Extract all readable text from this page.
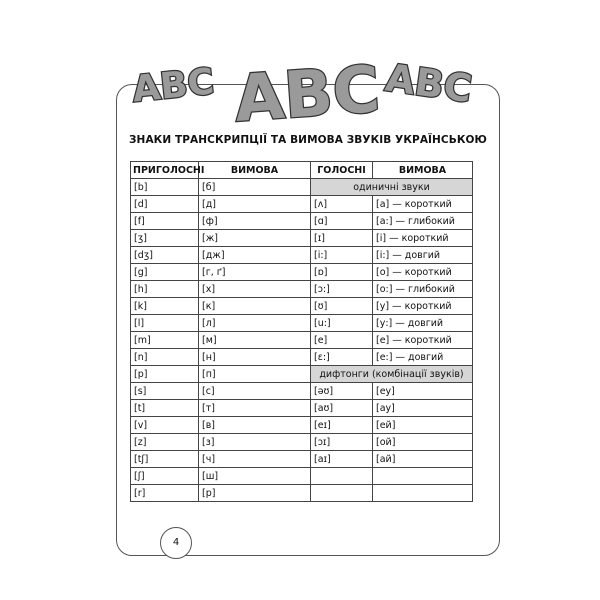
ABC ABC ABC
ЗНАКИ ТРАНСКРИПЦІЇ ТА ВИМОВА ЗВУКІВ УКРАЇНСЬКОЮ
ПРИГОЛОСНІ	ВИМОВА	ГОЛОСНІ	ВИМОВА
[b]	[б]	одиничні звуки	
[d]	[д]	[ʌ]	[а] — короткий
[f]	[ф]	[ɑ]	[а:] — глибокий
[ʒ]	[ж]	[ɪ]	[і] — короткий
[dʒ]	[дж]	[i:]	[і:] — довгий
[g]	[г, ґ]	[ɒ]	[о] — короткий
[h]	[х]	[ɔ:]	[о:] — глибокий
[k]	[к]	[ʊ]	[у] — короткий
[l]	[л]	[u:]	[у:] — довгий
[m]	[м]	[e]	[е] — короткий
[n]	[н]	[ɛ:]	[е:] — довгий
[p]	[п]	дифтонги (комбінації звуків)	
[s]	[с]	[əʊ]	[еу]
[t]	[т]	[aʊ]	[ау]
[v]	[в]	[eɪ]	[ей]
[z]	[з]	[ɔɪ]	[ой]
[tʃ]	[ч]	[aɪ]	[ай]
[ʃ]	[ш]		
[r]	[р]		
4
